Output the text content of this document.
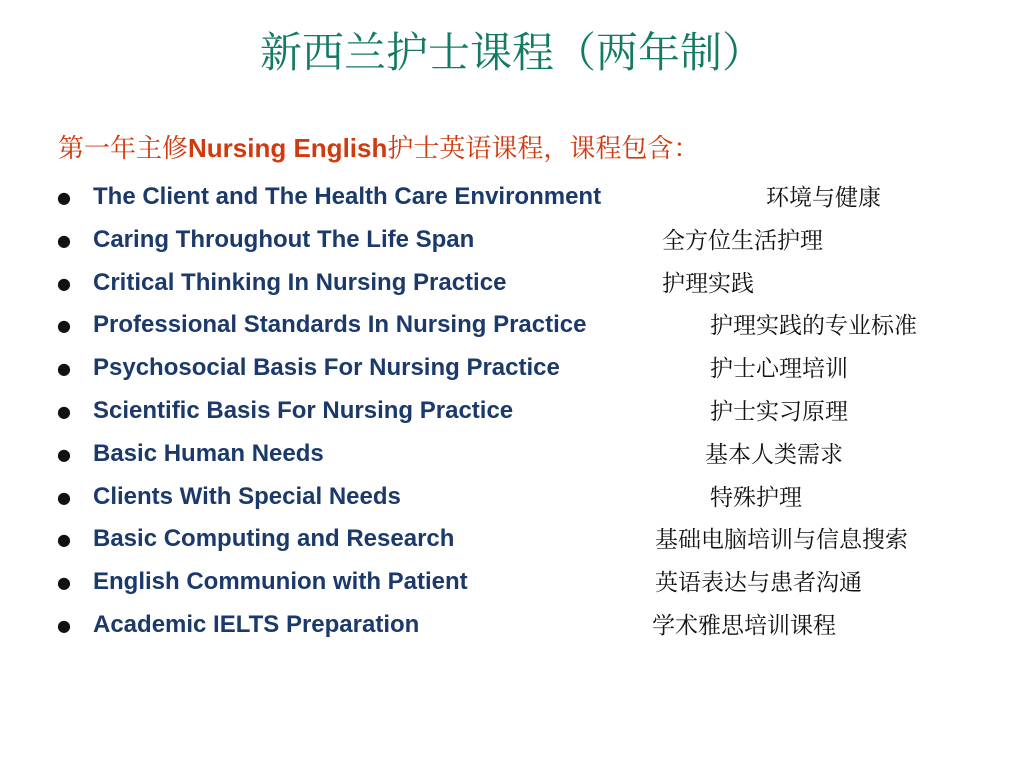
新西兰护士课程（两年制）
第一年主修Nursing English护士英语课程，课程包含：
● The Client and The Health Care Environment	环境与健康
● Caring Throughout The Life Span	全方位生活护理
● Critical Thinking In Nursing Practice	护理实践
● Professional Standards In Nursing Practice	护理实践的专业标准
● Psychosocial Basis For Nursing Practice	护士心理培训
● Scientific Basis For Nursing Practice	护士实习原理
● Basic Human Needs	基本人类需求
● Clients With Special Needs	特殊护理
● Basic Computing and Research	基础电脑培训与信息搜索
● English Communion with Patient	英语表达与患者沟通
● Academic IELTS Preparation	学术雅思培训课程
